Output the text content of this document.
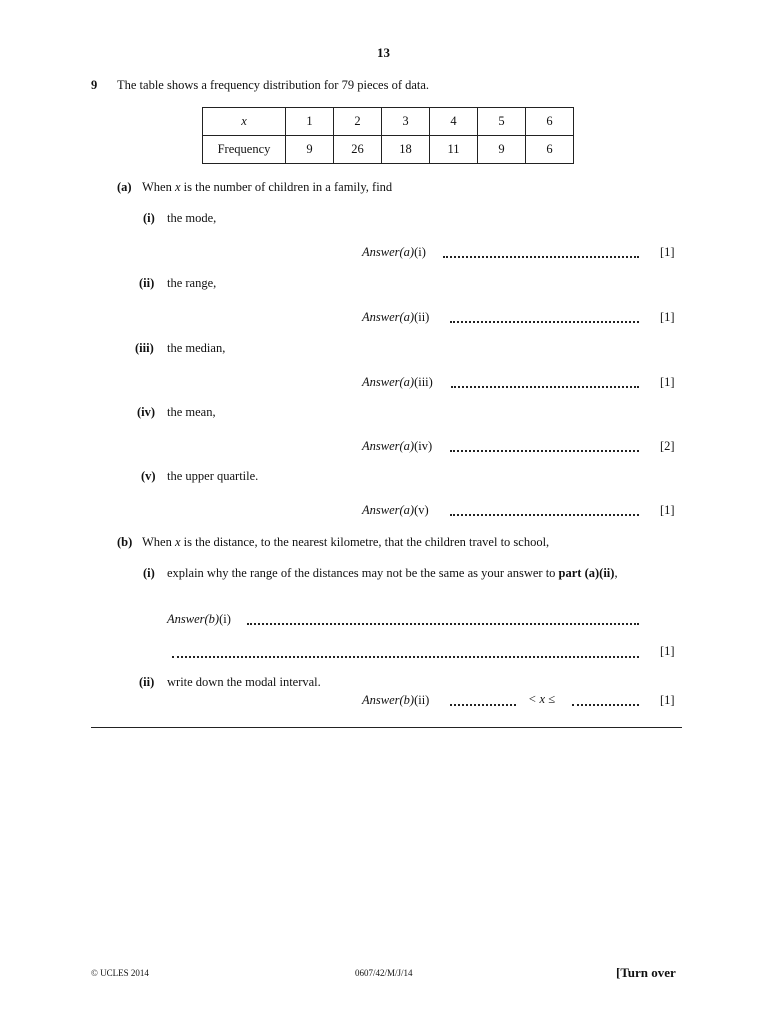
13
9 The table shows a frequency distribution for 79 pieces of data.
x	1	2	3	4	5	6
Frequency	9	26	18	11	9	6
(a) When x is the number of children in a family, find
(i) the mode,
Answer(a)(i)	[1]
(ii) the range,
Answer(a)(ii)	[1]
(iii) the median,
Answer(a)(iii)	[1]
(iv) the mean,
Answer(a)(iv)	[2]
(v) the upper quartile.
Answer(a)(v)	[1]
(b) When x is the distance, to the nearest kilometre, that the children travel to school,
(i) explain why the range of the distances may not be the same as your answer to part (a)(ii),
Answer(b)(i)
[1]
(ii) write down the modal interval.
Answer(b)(ii)	< x ≤	[1]
© UCLES 2014	0607/42/M/J/14	[Turn over
